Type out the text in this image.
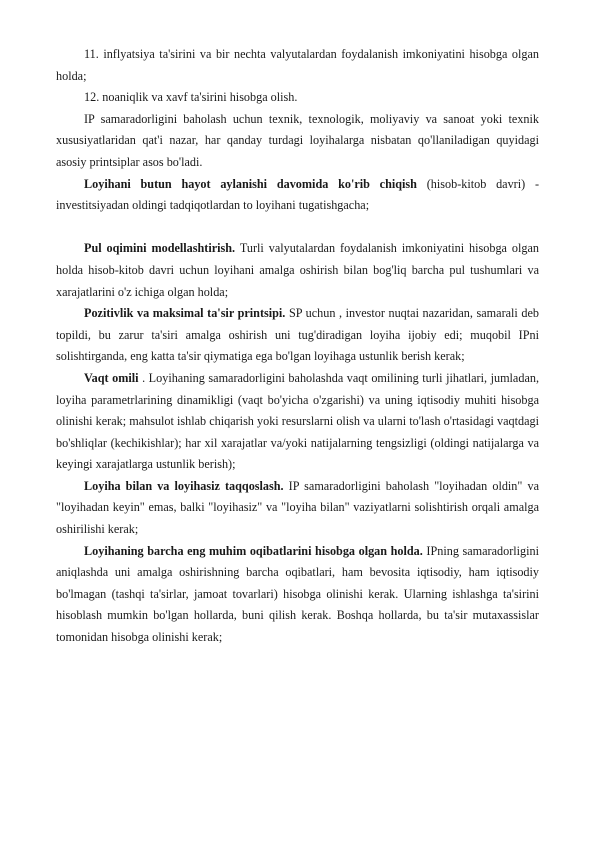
11. inflyatsiya ta'sirini va bir nechta valyutalardan foydalanish imkoniyatini hisobga olgan holda;

12. noaniqlik va xavf ta'sirini hisobga olish.

IP samaradorligini baholash uchun texnik, texnologik, moliyaviy va sanoat yoki texnik xususiyatlaridan qat'i nazar, har qanday turdagi loyihalarga nisbatan qo'llaniladigan quyidagi asosiy printsiplar asos bo'ladi.

Loyihani butun hayot aylanishi davomida ko'rib chiqish (hisob-kitob davri) - investitsiyadan oldingi tadqiqotlardan to loyihani tugatishgacha;

Pul oqimini modellashtirish. Turli valyutalardan foydalanish imkoniyatini hisobga olgan holda hisob-kitob davri uchun loyihani amalga oshirish bilan bog'liq barcha pul tushumlari va xarajatlarini o'z ichiga olgan holda;

Pozitivlik va maksimal ta'sir printsipi. SP uchun , investor nuqtai nazaridan, samarali deb topildi, bu zarur ta'siri amalga oshirish uni tug'diradigan loyiha ijobiy edi; muqobil IPni solishtirganda, eng katta ta'sir qiymatiga ega bo'lgan loyihaga ustunlik berish kerak;

Vaqt omili . Loyihaning samaradorligini baholashda vaqt omilining turli jihatlari, jumladan, loyiha parametrlarining dinamikligi (vaqt bo'yicha o'zgarishi) va uning iqtisodiy muhiti hisobga olinishi kerak; mahsulot ishlab chiqarish yoki resurslarni olish va ularni to'lash o'rtasidagi vaqtdagi bo'shliqlar (kechikishlar); har xil xarajatlar va/yoki natijalarning tengsizligi (oldingi natijalarga va keyingi xarajatlarga ustunlik berish);

Loyiha bilan va loyihasiz taqqoslash. IP samaradorligini baholash "loyihadan oldin" va "loyihadan keyin" emas, balki "loyihasiz" va "loyiha bilan" vaziyatlarni solishtirish orqali amalga oshirilishi kerak;

Loyihaning barcha eng muhim oqibatlarini hisobga olgan holda. IPning samaradorligini aniqlashda uni amalga oshirishning barcha oqibatlari, ham bevosita iqtisodiy, ham iqtisodiy bo'lmagan (tashqi ta'sirlar, jamoat tovarlari) hisobga olinishi kerak. Ularning ishlashga ta'sirini hisoblash mumkin bo'lgan hollarda, buni qilish kerak. Boshqa hollarda, bu ta'sir mutaxassislar tomonidan hisobga olinishi kerak;
